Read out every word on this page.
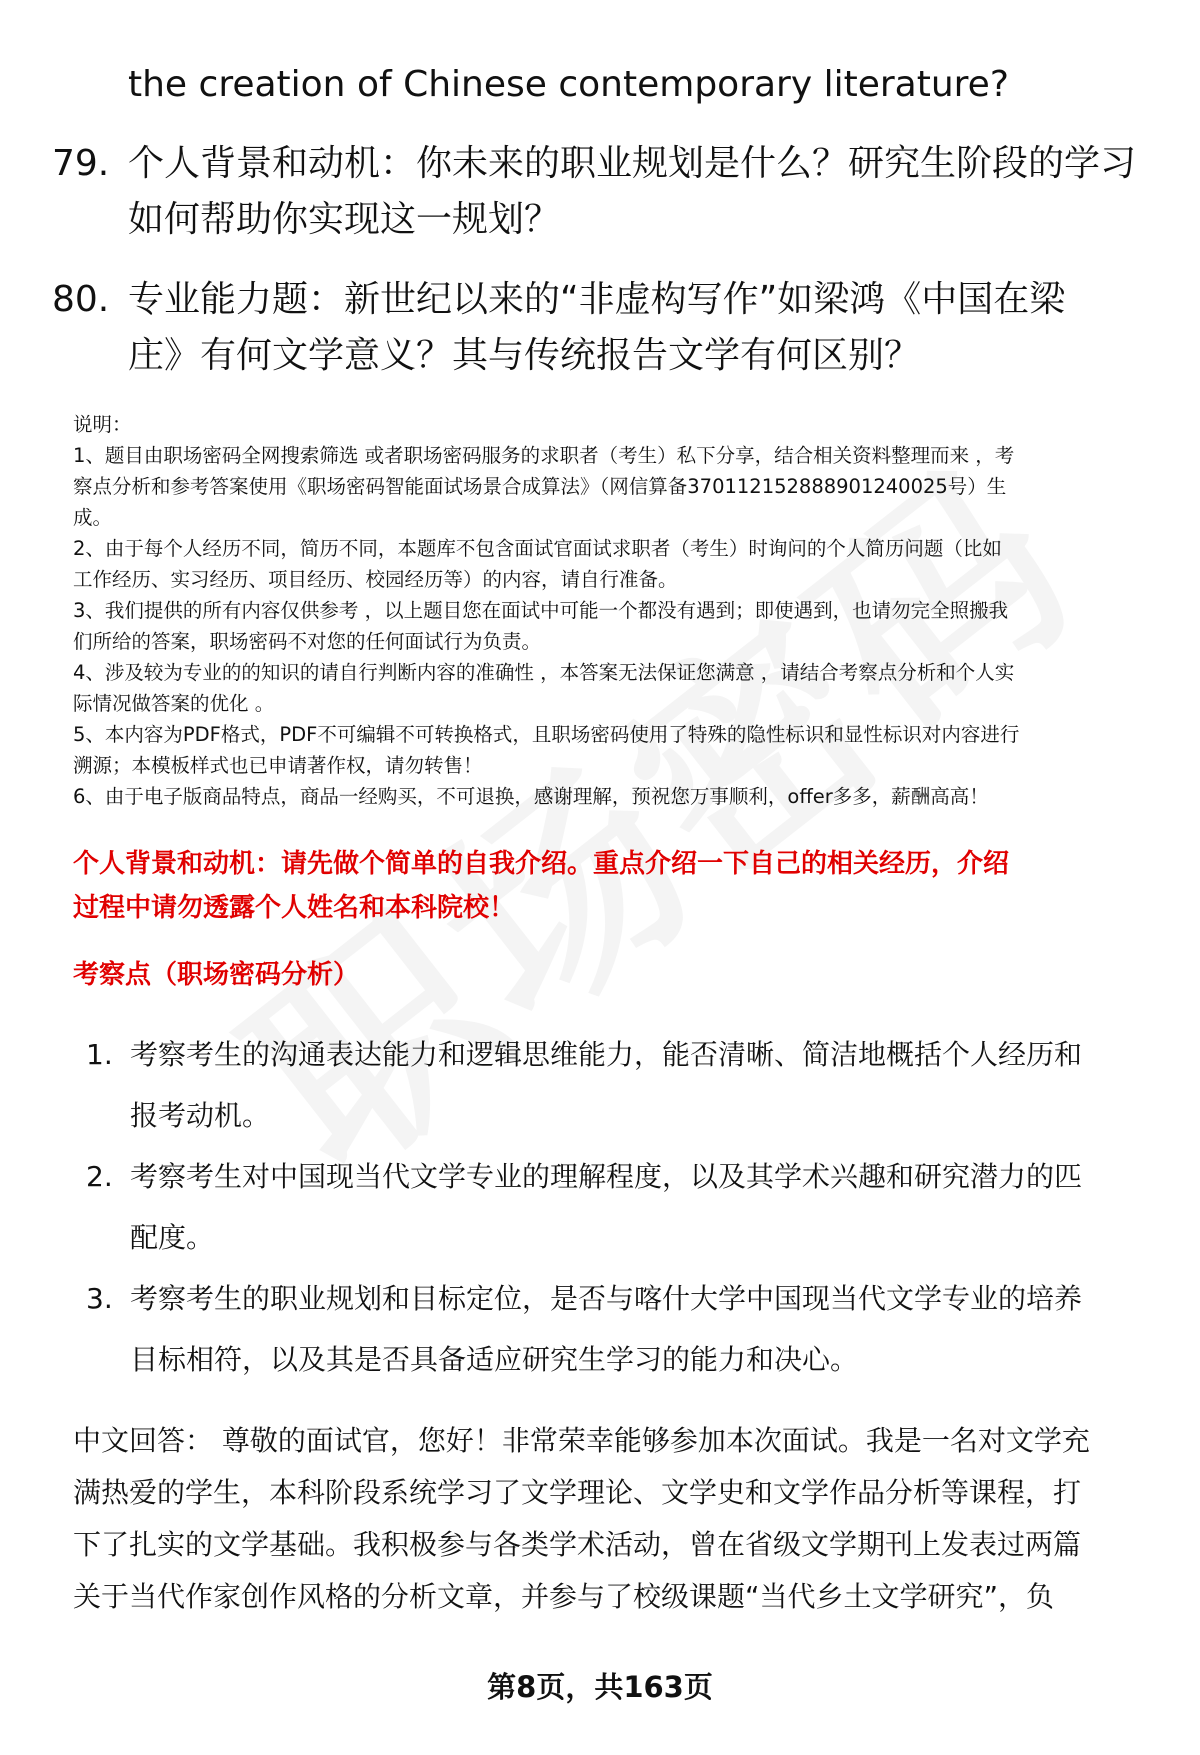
the creation of Chinese contemporary literature?
79. 个人背景和动机：你未来的职业规划是什么？研究生阶段的学习
如何帮助你实现这一规划？
80. 专业能力题：新世纪以来的“非虚构写作”如梁鸿《中国在梁
庄》有何文学意义？其与传统报告文学有何区别？

说明：

1、题目由职场密码全网搜索筛选 或者职场密码服务的求职者（考生）私下分享，结合相关资料整理而来 ，考

察点分析和参考答案使用《职场密码智能面试场景合成算法》（网信算备370112152888901240025号）生

成。

2、由于每个人经历不同，简历不同，本题库不包含面试官面试求职者（考生）时询问的个人简历问题（比如

工作经历、实习经历、项目经历、校园经历等）的内容，请自行准备。

3、我们提供的所有内容仅供参考 ，以上题目您在面试中可能一个都没有遇到；即使遇到，也请勿完全照搬我

们所给的答案，职场密码不对您的任何面试行为负责。

4、涉及较为专业的的知识的请自行判断内容的准确性 ，本答案无法保证您满意 ，请结合考察点分析和个人实

际情况做答案的优化 。

5、本内容为PDF格式，PDF不可编辑不可转换格式，且职场密码使用了特殊的隐性标识和显性标识对内容进行

溯源；本模板样式也已申请著作权，请勿转售！

6、由于电子版商品特点，商品一经购买，不可退换，感谢理解，预祝您万事顺利，offer多多，薪酬高高！

个人背景和动机：请先做个简单的自我介绍。重点介绍一下自己的相关经历，介绍
过程中请勿透露个人姓名和本科院校！
考察点（职场密码分析）
1. 考察考生的沟通表达能力和逻辑思维能力，能否清晰、简洁地概括个人经历和
报考动机。
2. 考察考生对中国现当代文学专业的理解程度，以及其学术兴趣和研究潜力的匹
配度。
3. 考察考生的职业规划和目标定位，是否与喀什大学中国现当代文学专业的培养
目标相符，以及其是否具备适应研究生学习的能力和决心。
中文回答： 尊敬的面试官，您好！非常荣幸能够参加本次面试。我是一名对文学充
满热爱的学生，本科阶段系统学习了文学理论、文学史和文学作品分析等课程，打
下了扎实的文学基础。我积极参与各类学术活动，曾在省级文学期刊上发表过两篇
关于当代作家创作风格的分析文章，并参与了校级课题“当代乡土文学研究”，负
第8页，共163页
